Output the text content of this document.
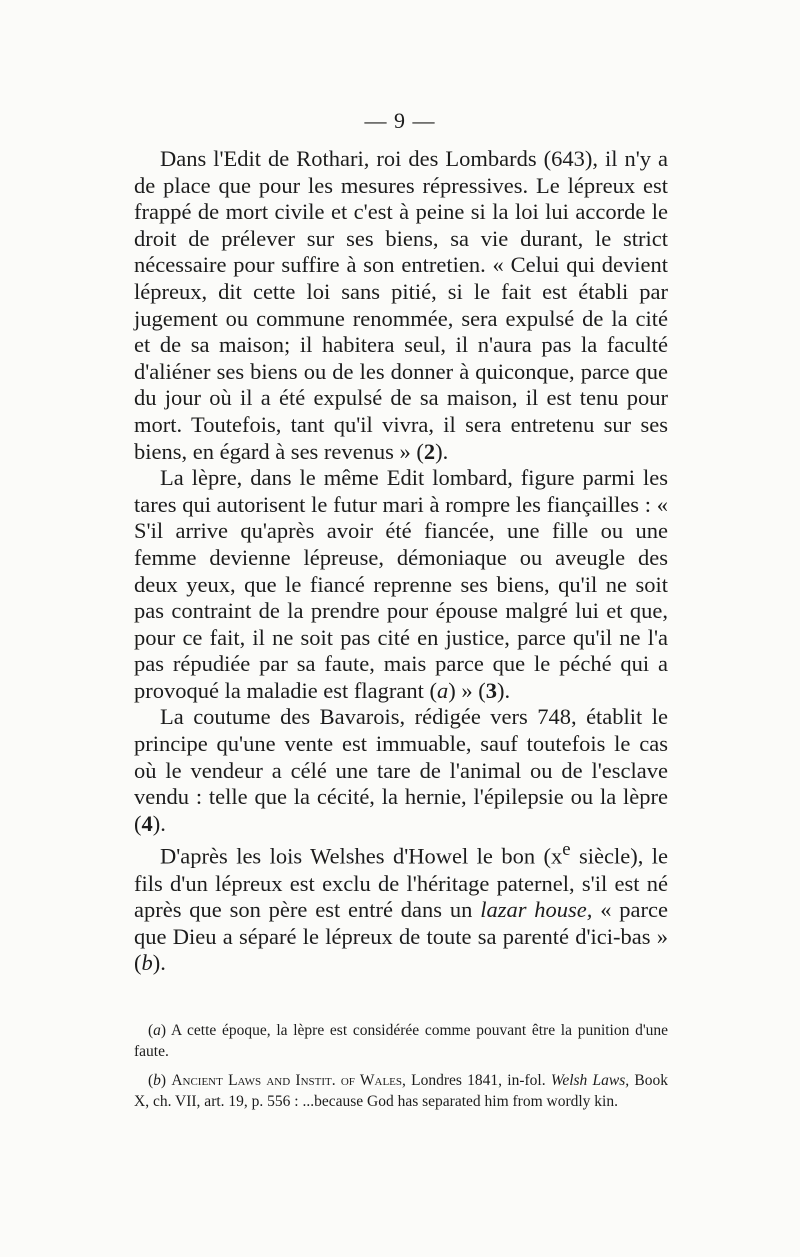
— 9 —

Dans l'Edit de Rothari, roi des Lombards (643), il n'y a de place que pour les mesures répressives. Le lépreux est frappé de mort civile et c'est à peine si la loi lui accorde le droit de prélever sur ses biens, sa vie durant, le strict nécessaire pour suffire à son entretien. « Celui qui devient lépreux, dit cette loi sans pitié, si le fait est établi par jugement ou commune renommée, sera expulsé de la cité et de sa maison; il habitera seul, il n'aura pas la faculté d'aliéner ses biens ou de les donner à quiconque, parce que du jour où il a été expulsé de sa maison, il est tenu pour mort. Toutefois, tant qu'il vivra, il sera entretenu sur ses biens, en égard à ses revenus » (2).

La lèpre, dans le même Edit lombard, figure parmi les tares qui autorisent le futur mari à rompre les fiançailles : « S'il arrive qu'après avoir été fiancée, une fille ou une femme devienne lépreuse, démoniaque ou aveugle des deux yeux, que le fiancé reprenne ses biens, qu'il ne soit pas contraint de la prendre pour épouse malgré lui et que, pour ce fait, il ne soit pas cité en justice, parce qu'il ne l'a pas répudiée par sa faute, mais parce que le péché qui a provoqué la maladie est flagrant (a) » (3).

La coutume des Bavarois, rédigée vers 748, établit le principe qu'une vente est immuable, sauf toutefois le cas où le vendeur a célé une tare de l'animal ou de l'esclave vendu : telle que la cécité, la hernie, l'épilepsie ou la lèpre (4).

D'après les lois Welshes d'Howel le bon ($x^e$ siècle), le fils d'un lépreux est exclu de l'héritage paternel, s'il est né après que son père est entré dans un lazar house, « parce que Dieu a séparé le lépreux de toute sa parenté d'ici-bas » (b).

(a) A cette époque, la lèpre est considérée comme pouvant être la punition d'une faute.

(b) Ancient Laws and Instit. of Wales, Londres 1841, in-fol. Welsh Laws, Book X, ch. VII, art. 19, p. 556 : ...because God has separated him from wordly kin.
